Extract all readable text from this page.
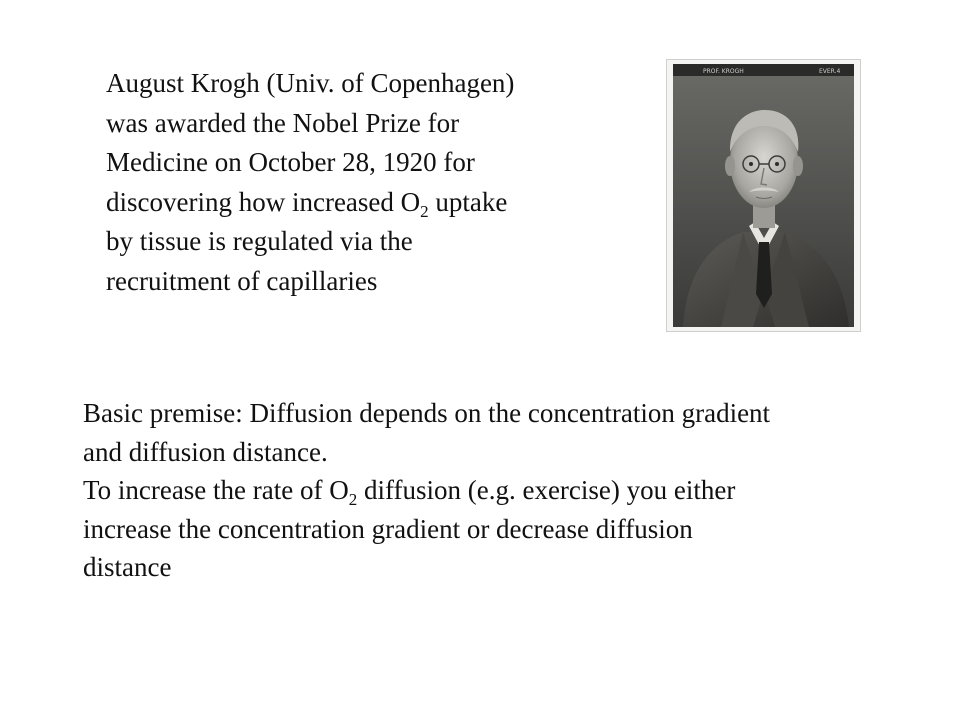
August Krogh (Univ. of Copenhagen)
was awarded the Nobel Prize for
Medicine on October 28, 1920 for
discovering how increased $O_2$ uptake
by tissue is regulated via the
recruitment of capillaries

PROF. KROGH	EVER.4

Basic premise: Diffusion depends on the concentration gradient
and diffusion distance.
To increase the rate of $O_2$ diffusion (e.g. exercise) you either
increase the concentration gradient or decrease diffusion
distance
